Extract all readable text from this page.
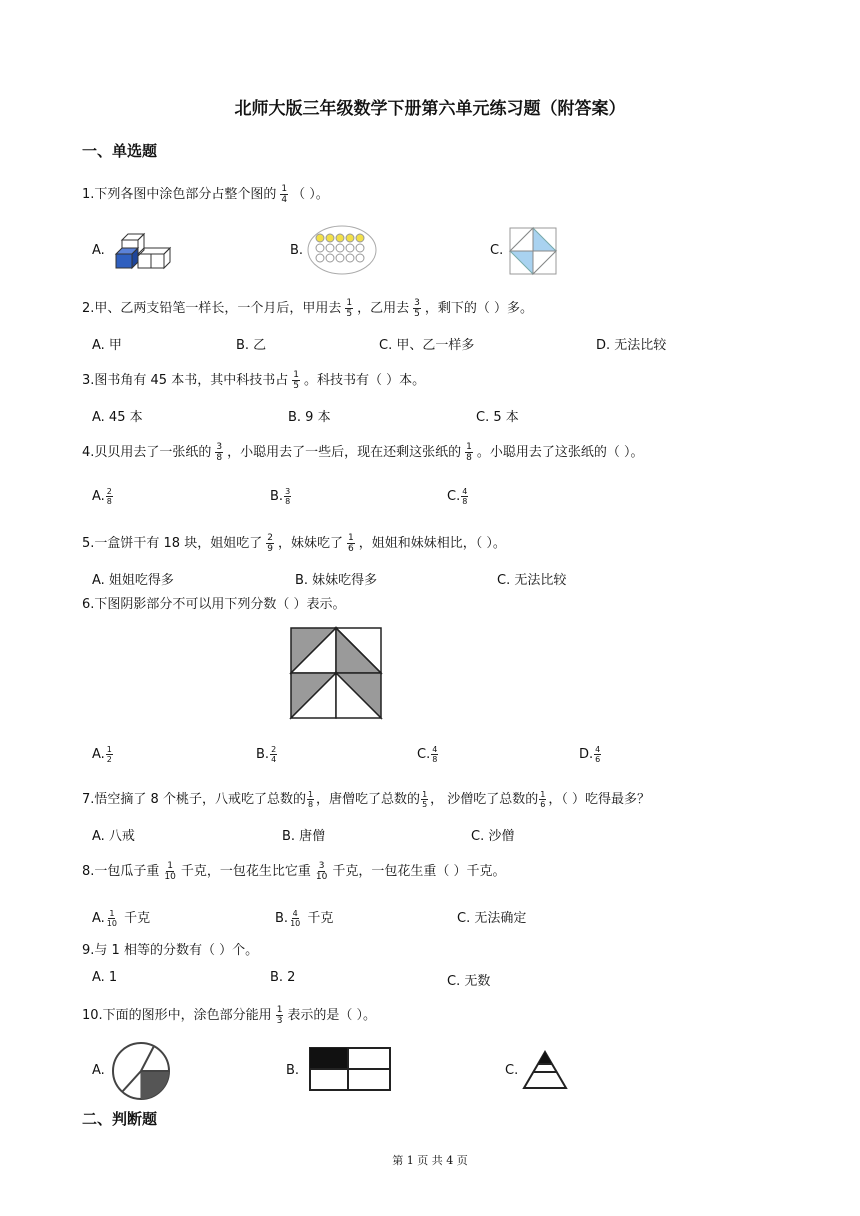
北师大版三年级数学下册第六单元练习题（附答案）
一、单选题
1.下列各图中涂色部分占整个图的 $\frac{1}{4}$ （ ）。
A.	B.	C.
2.甲、乙两支铅笔一样长，一个月后，甲用去 $\frac{1}{5}$ ，乙用去 $\frac{3}{5}$ ，剩下的（ ）多。
A. 甲	B. 乙	C. 甲、乙一样多	D. 无法比较
3.图书角有 45 本书，其中科技书占 $\frac{1}{5}$ 。科技书有（ ）本。
A. 45 本	B. 9 本	C. 5 本
4.贝贝用去了一张纸的 $\frac{3}{8}$ ，小聪用去了一些后，现在还剩这张纸的 $\frac{1}{8}$ 。小聪用去了这张纸的（ ）。
A. $\frac{2}{8}$	B. $\frac{3}{8}$	C. $\frac{4}{8}$
5.一盒饼干有 18 块，姐姐吃了 $\frac{2}{9}$ ，妹妹吃了 $\frac{1}{6}$ ，姐姐和妹妹相比，（ ）。
A. 姐姐吃得多	B. 妹妹吃得多	C. 无法比较
6.下图阴影部分不可以用下列分数（ ）表示。
A. $\frac{1}{2}$	B. $\frac{2}{4}$	C. $\frac{4}{8}$	D. $\frac{4}{6}$
7.悟空摘了 8 个桃子，八戒吃了总数的 $\frac{1}{8}$ ，唐僧吃了总数的 $\frac{1}{5}$ ， 沙僧吃了总数的 $\frac{1}{6}$ ，（ ）吃得最多？
A. 八戒	B. 唐僧	C. 沙僧
8.一包瓜子重 $\frac{1}{10}$ 千克，一包花生比它重 $\frac{3}{10}$ 千克，一包花生重（ ）千克。
A. $\frac{1}{10}$ 千克	B. $\frac{4}{10}$ 千克	C. 无法确定
9.与 1 相等的分数有（ ）个。
A. 1	B. 2	C. 无数
10.下面的图形中，涂色部分能用 $\frac{1}{3}$ 表示的是（ ）。
A.	B.	C.
二、判断题
第 1 页 共 4 页
